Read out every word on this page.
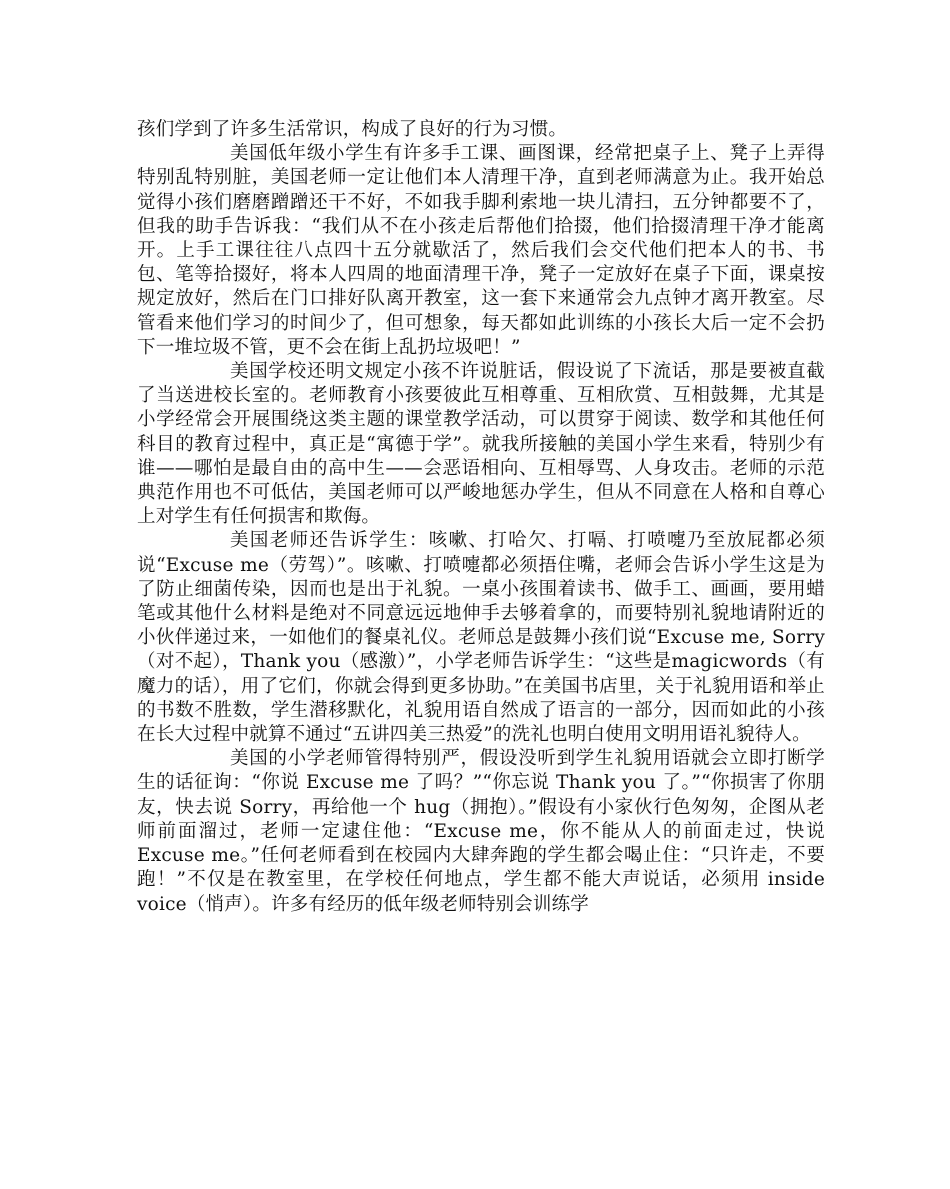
孩们学到了许多生活常识，构成了良好的行为习惯。

美国低年级小学生有许多手工课、画图课，经常把桌子上、凳子上弄得特别乱特别脏，美国老师一定让他们本人清理干净，直到老师满意为止。我开始总觉得小孩们磨磨蹭蹭还干不好，不如我手脚利索地一块儿清扫，五分钟都要不了，但我的助手告诉我：“我们从不在小孩走后帮他们拾掇，他们拾掇清理干净才能离开。上手工课往往八点四十五分就歇活了，然后我们会交代他们把本人的书、书包、笔等拾掇好，将本人四周的地面清理干净，凳子一定放好在桌子下面，课桌按规定放好，然后在门口排好队离开教室，这一套下来通常会九点钟才离开教室。尽管看来他们学习的时间少了，但可想象，每天都如此训练的小孩长大后一定不会扔下一堆垃圾不管，更不会在街上乱扔垃圾吧！”

美国学校还明文规定小孩不许说脏话，假设说了下流话，那是要被直截了当送进校长室的。老师教育小孩要彼此互相尊重、互相欣赏、互相鼓舞，尤其是小学经常会开展围绕这类主题的课堂教学活动，可以贯穿于阅读、数学和其他任何科目的教育过程中，真正是“寓德于学”。就我所接触的美国小学生来看，特别少有谁——哪怕是最自由的高中生——会恶语相向、互相辱骂、人身攻击。老师的示范典范作用也不可低估，美国老师可以严峻地惩办学生，但从不同意在人格和自尊心上对学生有任何损害和欺侮。

美国老师还告诉学生：咳嗽、打哈欠、打嗝、打喷嚏乃至放屁都必须说“Excuse me（劳驾）”。咳嗽、打喷嚏都必须捂住嘴，老师会告诉小学生这是为了防止细菌传染，因而也是出于礼貌。一桌小孩围着读书、做手工、画画，要用蜡笔或其他什么材料是绝对不同意远远地伸手去够着拿的，而要特别礼貌地请附近的小伙伴递过来，一如他们的餐桌礼仪。老师总是鼓舞小孩们说“Excuse me, Sorry（对不起），Thank you（感激）”，小学老师告诉学生：“这些是magicwords（有魔力的话），用了它们，你就会得到更多协助。”在美国书店里，关于礼貌用语和举止的书数不胜数，学生潜移默化，礼貌用语自然成了语言的一部分，因而如此的小孩在长大过程中就算不通过“五讲四美三热爱”的洗礼也明白使用文明用语礼貌待人。

美国的小学老师管得特别严，假设没听到学生礼貌用语就会立即打断学生的话征询：“你说 Excuse me 了吗？”“你忘说 Thank you 了。”“你损害了你朋友，快去说 Sorry，再给他一个 hug（拥抱）。”假设有小家伙行色匆匆，企图从老师前面溜过，老师一定逮住他：“Excuse me，你不能从人的前面走过，快说 Excuse me。”任何老师看到在校园内大肆奔跑的学生都会喝止住：“只许走，不要跑！”不仅是在教室里，在学校任何地点，学生都不能大声说话，必须用 inside voice（悄声）。许多有经历的低年级老师特别会训练学
